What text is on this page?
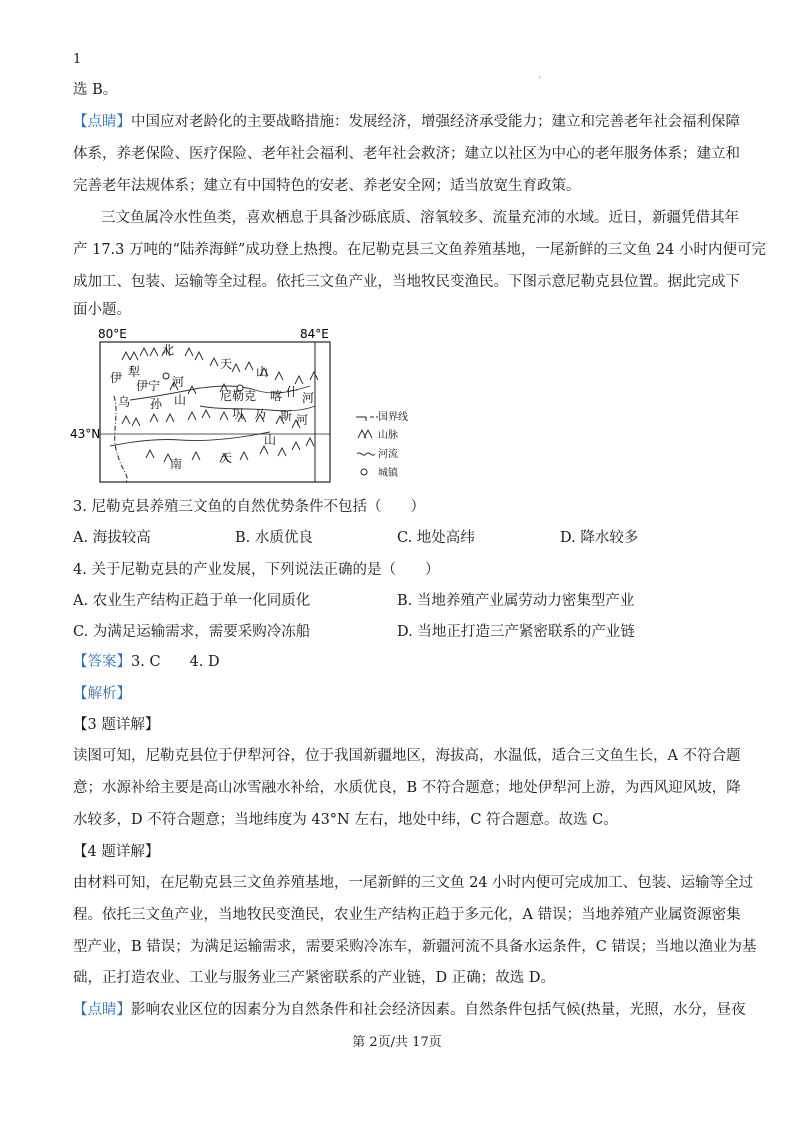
1
.
选 B。
【点睛】中国应对老龄化的主要战略措施：发展经济，增强经济承受能力；建立和完善老年社会福利保障
体系，养老保险、医疗保险、老年社会福利、老年社会救济；建立以社区为中心的老年服务体系；建立和
完善老年法规体系；建立有中国特色的安老、养老安全网；适当放宽生育政策。
三文鱼属冷水性鱼类，喜欢栖息于具备沙砾底质、溶氧较多、流量充沛的水域。近日，新疆凭借其年
产 17.3 万吨的“陆养海鲜”成功登上热搜。在尼勒克县三文鱼养殖基地，一尾新鲜的三文鱼 24 小时内便可完
成加工、包装、运输等全过程。依托三文鱼产业，当地牧民变渔民。下图示意尼勒克县位置。据此完成下
面小题。
80°E	84°E
43°N
北
天
山
伊 犁
伊宁 河
尼勒克 喀 什 河
乌 孙 山
巩 乃 斯 河
山
南	天
国界线
山脉
河流
城镇
3. 尼勒克县养殖三文鱼的自然优势条件不包括（　　）
A. 海拔较高	B. 水质优良	C. 地处高纬	D. 降水较多
4. 关于尼勒克县的产业发展，下列说法正确的是（　　）
A. 农业生产结构正趋于单一化同质化	B. 当地养殖产业属劳动力密集型产业
C. 为满足运输需求，需要采购冷冻船	D. 当地正打造三产紧密联系的产业链
【答案】3. C　　4. D
【解析】
【3 题详解】
读图可知，尼勒克县位于伊犁河谷，位于我国新疆地区，海拔高，水温低，适合三文鱼生长，A 不符合题
意；水源补给主要是高山冰雪融水补给，水质优良，B 不符合题意；地处伊犁河上游，为西风迎风坡，降
水较多，D 不符合题意；当地纬度为 43°N 左右，地处中纬，C 符合题意。故选 C。
【4 题详解】
由材料可知，在尼勒克县三文鱼养殖基地，一尾新鲜的三文鱼 24 小时内便可完成加工、包装、运输等全过
程。依托三文鱼产业，当地牧民变渔民，农业生产结构正趋于多元化，A 错误；当地养殖产业属资源密集
型产业，B 错误；为满足运输需求，需要采购冷冻车，新疆河流不具备水运条件，C 错误；当地以渔业为基
础，正打造农业、工业与服务业三产紧密联系的产业链，D 正确；故选 D。
【点睛】影响农业区位的因素分为自然条件和社会经济因素。自然条件包括气候(热量，光照，水分，昼夜
第 2页/共 17页
